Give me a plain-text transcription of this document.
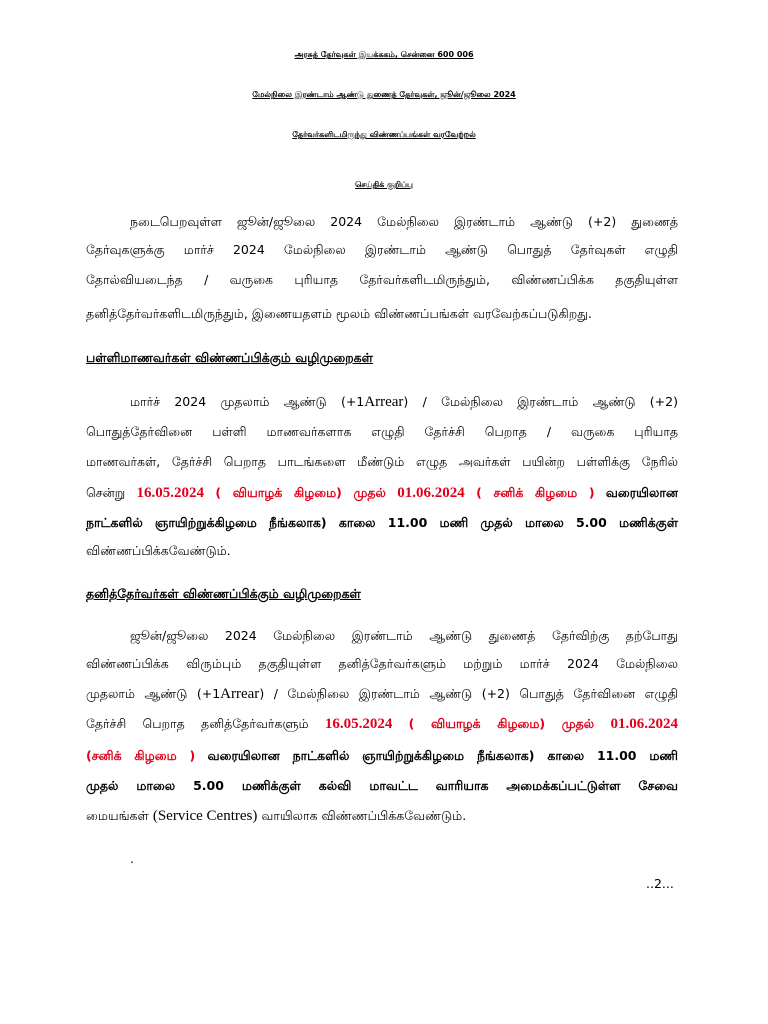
அரசுத் தேர்வுகள் இயக்ககம், சென்னை 600 006
மேல்நிலை இரண்டாம் ஆண்டு துணைத் தேர்வுகள், ஜூன்/ஜூலை 2024
தேர்வர்களிடமிருந்து விண்ணப்பங்கள் வரவேற்றல்
செய்திக் குறிப்பு
நடைபெறவுள்ள ஜூன்/ஜூலை 2024 மேல்நிலை இரண்டாம் ஆண்டு (+2) துணைத்
தேர்வுகளுக்கு மார்ச் 2024 மேல்நிலை இரண்டாம் ஆண்டு பொதுத் தேர்வுகள் எழுதி
தோல்வியடைந்த / வருகை புரியாத தேர்வர்களிடமிருந்தும், விண்ணப்பிக்க தகுதியுள்ள
தனித்தேர்வர்களிடமிருந்தும், இணையதளம் மூலம் விண்ணப்பங்கள் வரவேற்கப்படுகிறது.
பள்ளிமாணவர்கள் விண்ணப்பிக்கும் வழிமுறைகள்
மார்ச் 2024 முதலாம் ஆண்டு (+1Arrear) / மேல்நிலை இரண்டாம் ஆண்டு (+2)
பொதுத்தேர்வினை பள்ளி மாணவர்களாக எழுதி தேர்ச்சி பெறாத / வருகை புரியாத
மாணவர்கள், தேர்ச்சி பெறாத பாடங்களை மீண்டும் எழுத அவர்கள் பயின்ற பள்ளிக்கு நேரில்
சென்று 16.05.2024 ( வியாழக் கிழமை) முதல் 01.06.2024 ( சனிக் கிழமை ) வரையிலான
நாட்களில் ஞாயிற்றுக்கிழமை நீங்கலாக) காலை 11.00 மணி முதல் மாலை 5.00 மணிக்குள்
விண்ணப்பிக்கவேண்டும்.
தனித்தேர்வர்கள் விண்ணப்பிக்கும் வழிமுறைகள்
ஜூன்/ஜூலை 2024 மேல்நிலை இரண்டாம் ஆண்டு துணைத் தேர்விற்கு தற்போது
விண்ணப்பிக்க விரும்பும் தகுதியுள்ள தனித்தேர்வர்களும் மற்றும் மார்ச் 2024 மேல்நிலை
முதலாம் ஆண்டு (+1Arrear) / மேல்நிலை இரண்டாம் ஆண்டு (+2) பொதுத் தேர்வினை எழுதி
தேர்ச்சி பெறாத தனித்தேர்வர்களும் 16.05.2024 ( வியாழக் கிழமை) முதல் 01.06.2024
(சனிக் கிழமை ) வரையிலான நாட்களில் ஞாயிற்றுக்கிழமை நீங்கலாக) காலை 11.00 மணி
முதல் மாலை 5.00 மணிக்குள் கல்வி மாவட்ட வாரியாக அமைக்கப்பட்டுள்ள சேவை
மையங்கள் (Service Centres) வாயிலாக விண்ணப்பிக்கவேண்டும்.
.
..2...
